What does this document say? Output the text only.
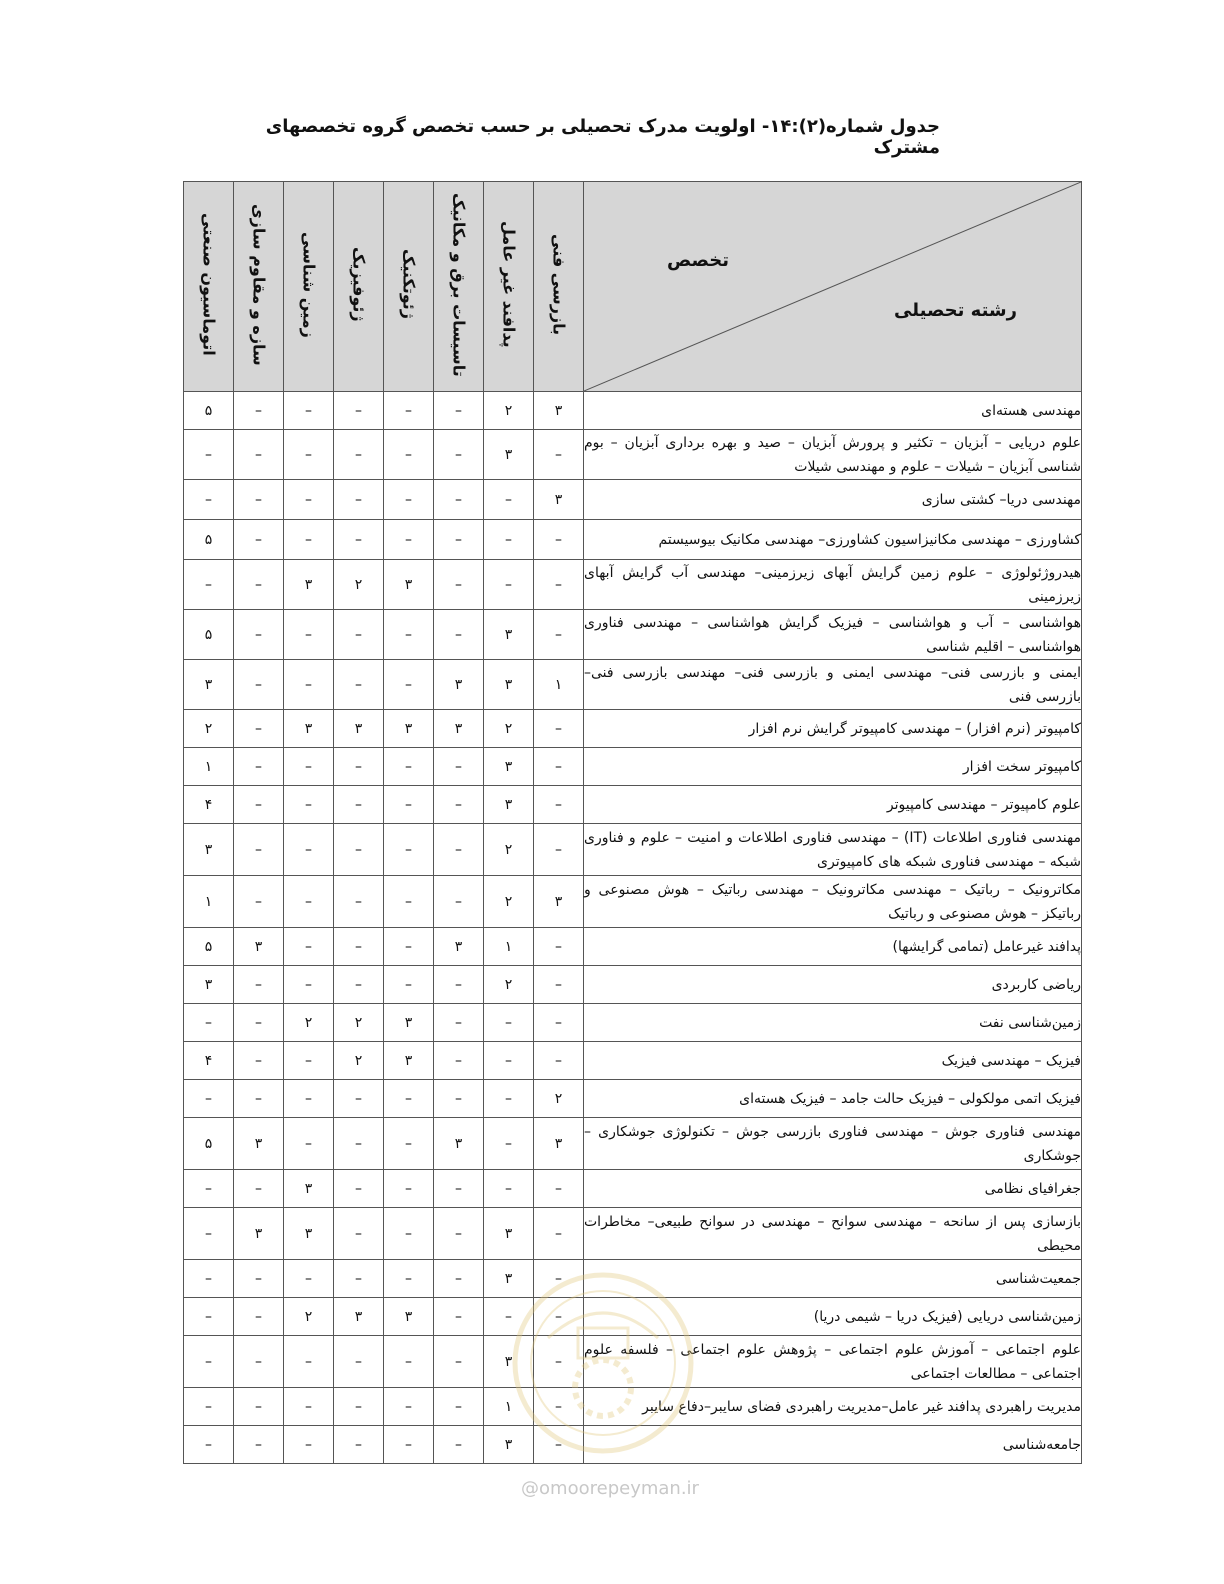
جدول شماره(۲):۱۴- اولویت مدرک تحصیلی بر حسب تخصص گروه تخصصهای مشترک
تخصص
رشته تحصیلی	بازرسی فنی	پدافند غیر عامل	تاسیسات برق و مکانیک	ژئوتکنیک	ژئوفیزیک	زمین شناسی	سازه و مقاوم سازی	اتوماسیون صنعتی
مهندسی هسته‌ای	۳	۲	–	–	–	–	–	۵
علوم دریایی – آبزیان – تکثیر و پرورش آبزیان – صید و بهره برداری آبزیان – بوم شناسی آبزیان – شیلات – علوم و مهندسی شیلات	–	۳	–	–	–	–	–	–
مهندسی دریا– کشتی سازی	۳	–	–	–	–	–	–	–
کشاورزی – مهندسی مکانیزاسیون کشاورزی– مهندسی مکانیک بیوسیستم	–	–	–	–	–	–	–	۵
هیدروژئولوژی – علوم زمین گرایش آبهای زیرزمینی– مهندسی آب گرایش آبهای زیرزمینی	–	–	–	۳	۲	۳	–	–
هواشناسی – آب و هواشناسی – فیزیک گرایش هواشناسی – مهندسی فناوری هواشناسی – اقلیم شناسی	–	۳	–	–	–	–	–	۵
ایمنی و بازرسی فنی– مهندسی ایمنی و بازرسی فنی– مهندسی بازرسی فنی– بازرسی فنی	۱	۳	۳	–	–	–	–	۳
کامپیوتر (نرم افزار) – مهندسی کامپیوتر گرایش نرم افزار	–	۲	۳	۳	۳	۳	–	۲
کامپیوتر سخت افزار	–	۳	–	–	–	–	–	۱
علوم کامپیوتر – مهندسی کامپیوتر	–	۳	–	–	–	–	–	۴
مهندسی فناوری اطلاعات (IT) – مهندسی فناوری اطلاعات و امنیت – علوم و فناوری شبکه – مهندسی فناوری شبکه های کامپیوتری	–	۲	–	–	–	–	–	۳
مکاترونیک – رباتیک – مهندسی مکاترونیک – مهندسی رباتیک – هوش مصنوعی و رباتیکز – هوش مصنوعی و رباتیک	۳	۲	–	–	–	–	–	۱
پدافند غیرعامل (تمامی گرایشها)	–	۱	۳	–	–	–	۳	۵
ریاضی کاربردی	–	۲	–	–	–	–	–	۳
زمین‌شناسی نفت	–	–	–	۳	۲	۲	–	–
فیزیک – مهندسی فیزیک	–	–	–	۳	۲	–	–	۴
فیزیک اتمی مولکولی – فیزیک حالت جامد – فیزیک هسته‌ای	۲	–	–	–	–	–	–	–
مهندسی فناوری جوش – مهندسی فناوری بازرسی جوش – تکنولوژی جوشکاری – جوشکاری	۳	–	۳	–	–	–	۳	۵
جغرافیای نظامی	–	–	–	–	–	۳	–	–
بازسازی پس از سانحه – مهندسی سوانح – مهندسی در سوانح طبیعی– مخاطرات محیطی	–	۳	–	–	–	۳	۳	–
جمعیت‌شناسی	–	۳	–	–	–	–	–	–
زمین‌شناسی دریایی (فیزیک دریا – شیمی دریا)	–	–	–	۳	۳	۲	–	–
علوم اجتماعی – آموزش علوم اجتماعی – پژوهش علوم اجتماعی – فلسفه علوم اجتماعی – مطالعات اجتماعی	–	۳	–	–	–	–	–	–
مدیریت راهبردی پدافند غیر عامل–مدیریت راهبردی فضای سایبر–دفاع سایبر	–	۱	–	–	–	–	–	–
جامعه‌شناسی	–	۳	–	–	–	–	–	–
@omoorepeyman.ir
